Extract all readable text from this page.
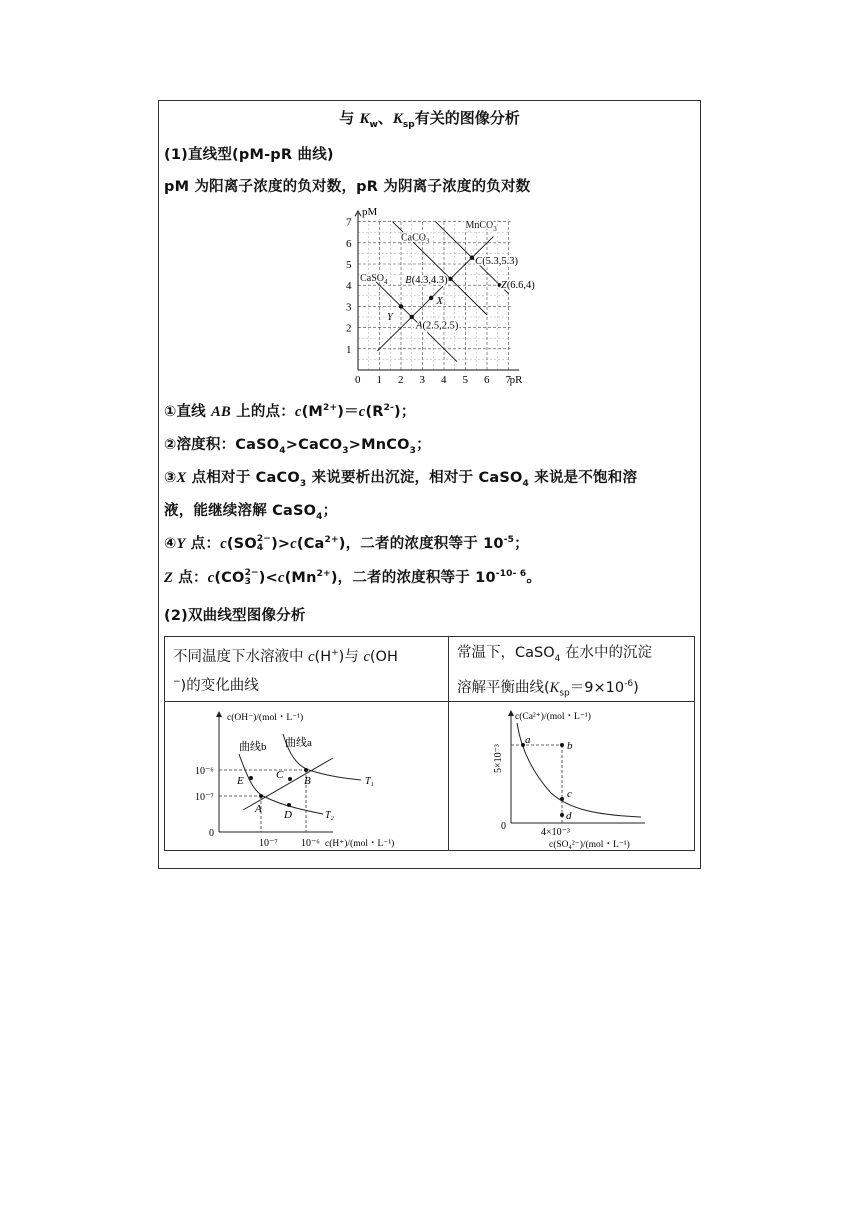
与 $K_w$、$K_{sp}$有关的图像分析
(1)直线型(pM-pR 曲线)
pM 为阳离子浓度的负对数，pR 为阴离子浓度的负对数
0 1 2 3 4 5 6 7
1
2
3
4
5
6
7
pR
pM
CaSO$_4$
CaCO$_3$
MnCO$_3$
A(2.5,2.5)
B(4.3,4.3)
C(5.3,5.3)
X
Y
Z(6.6,4)
①直线 AB 上的点：$c(M^{2+})=c(R^{2-})$；
②溶度积：CaSO$_4$>CaCO$_3$>MnCO$_3$；
③X 点相对于 CaCO$_3$ 来说要析出沉淀，相对于 CaSO$_4$ 来说是不饱和溶
液，能继续溶解 CaSO$_4$；
④Y 点：c(SO 2−
4 )$>c(Ca^{2+})$，二者的浓度积等于 $10^{-5}$；
Z 点：c(CO 2−
3 )$<c(Mn^{2+})$，二者的浓度积等于 $10^{-10- 6}$。
(2)双曲线型图像分析
不同温度下水溶液中 c(H+)与 c(OH
−)的变化曲线
常温下，CaSO$_4$ 在水中的沉淀
溶解平衡曲线$(K_{sp}=9\times 10^{-6})$
c(OH⁻)/(mol・L⁻¹)
c(H⁺)/(mol・L⁻¹)
0
10⁻⁶
10⁻⁷
10⁻⁷ 10⁻⁶
E
A
C B
D
曲线b 曲线a
T₁
T₂
c(Ca²⁺)/(mol・L⁻¹)
c(SO₄²⁻)/(mol・L⁻¹)
0
5×10⁻³
4×10⁻³
a	b
c
d
